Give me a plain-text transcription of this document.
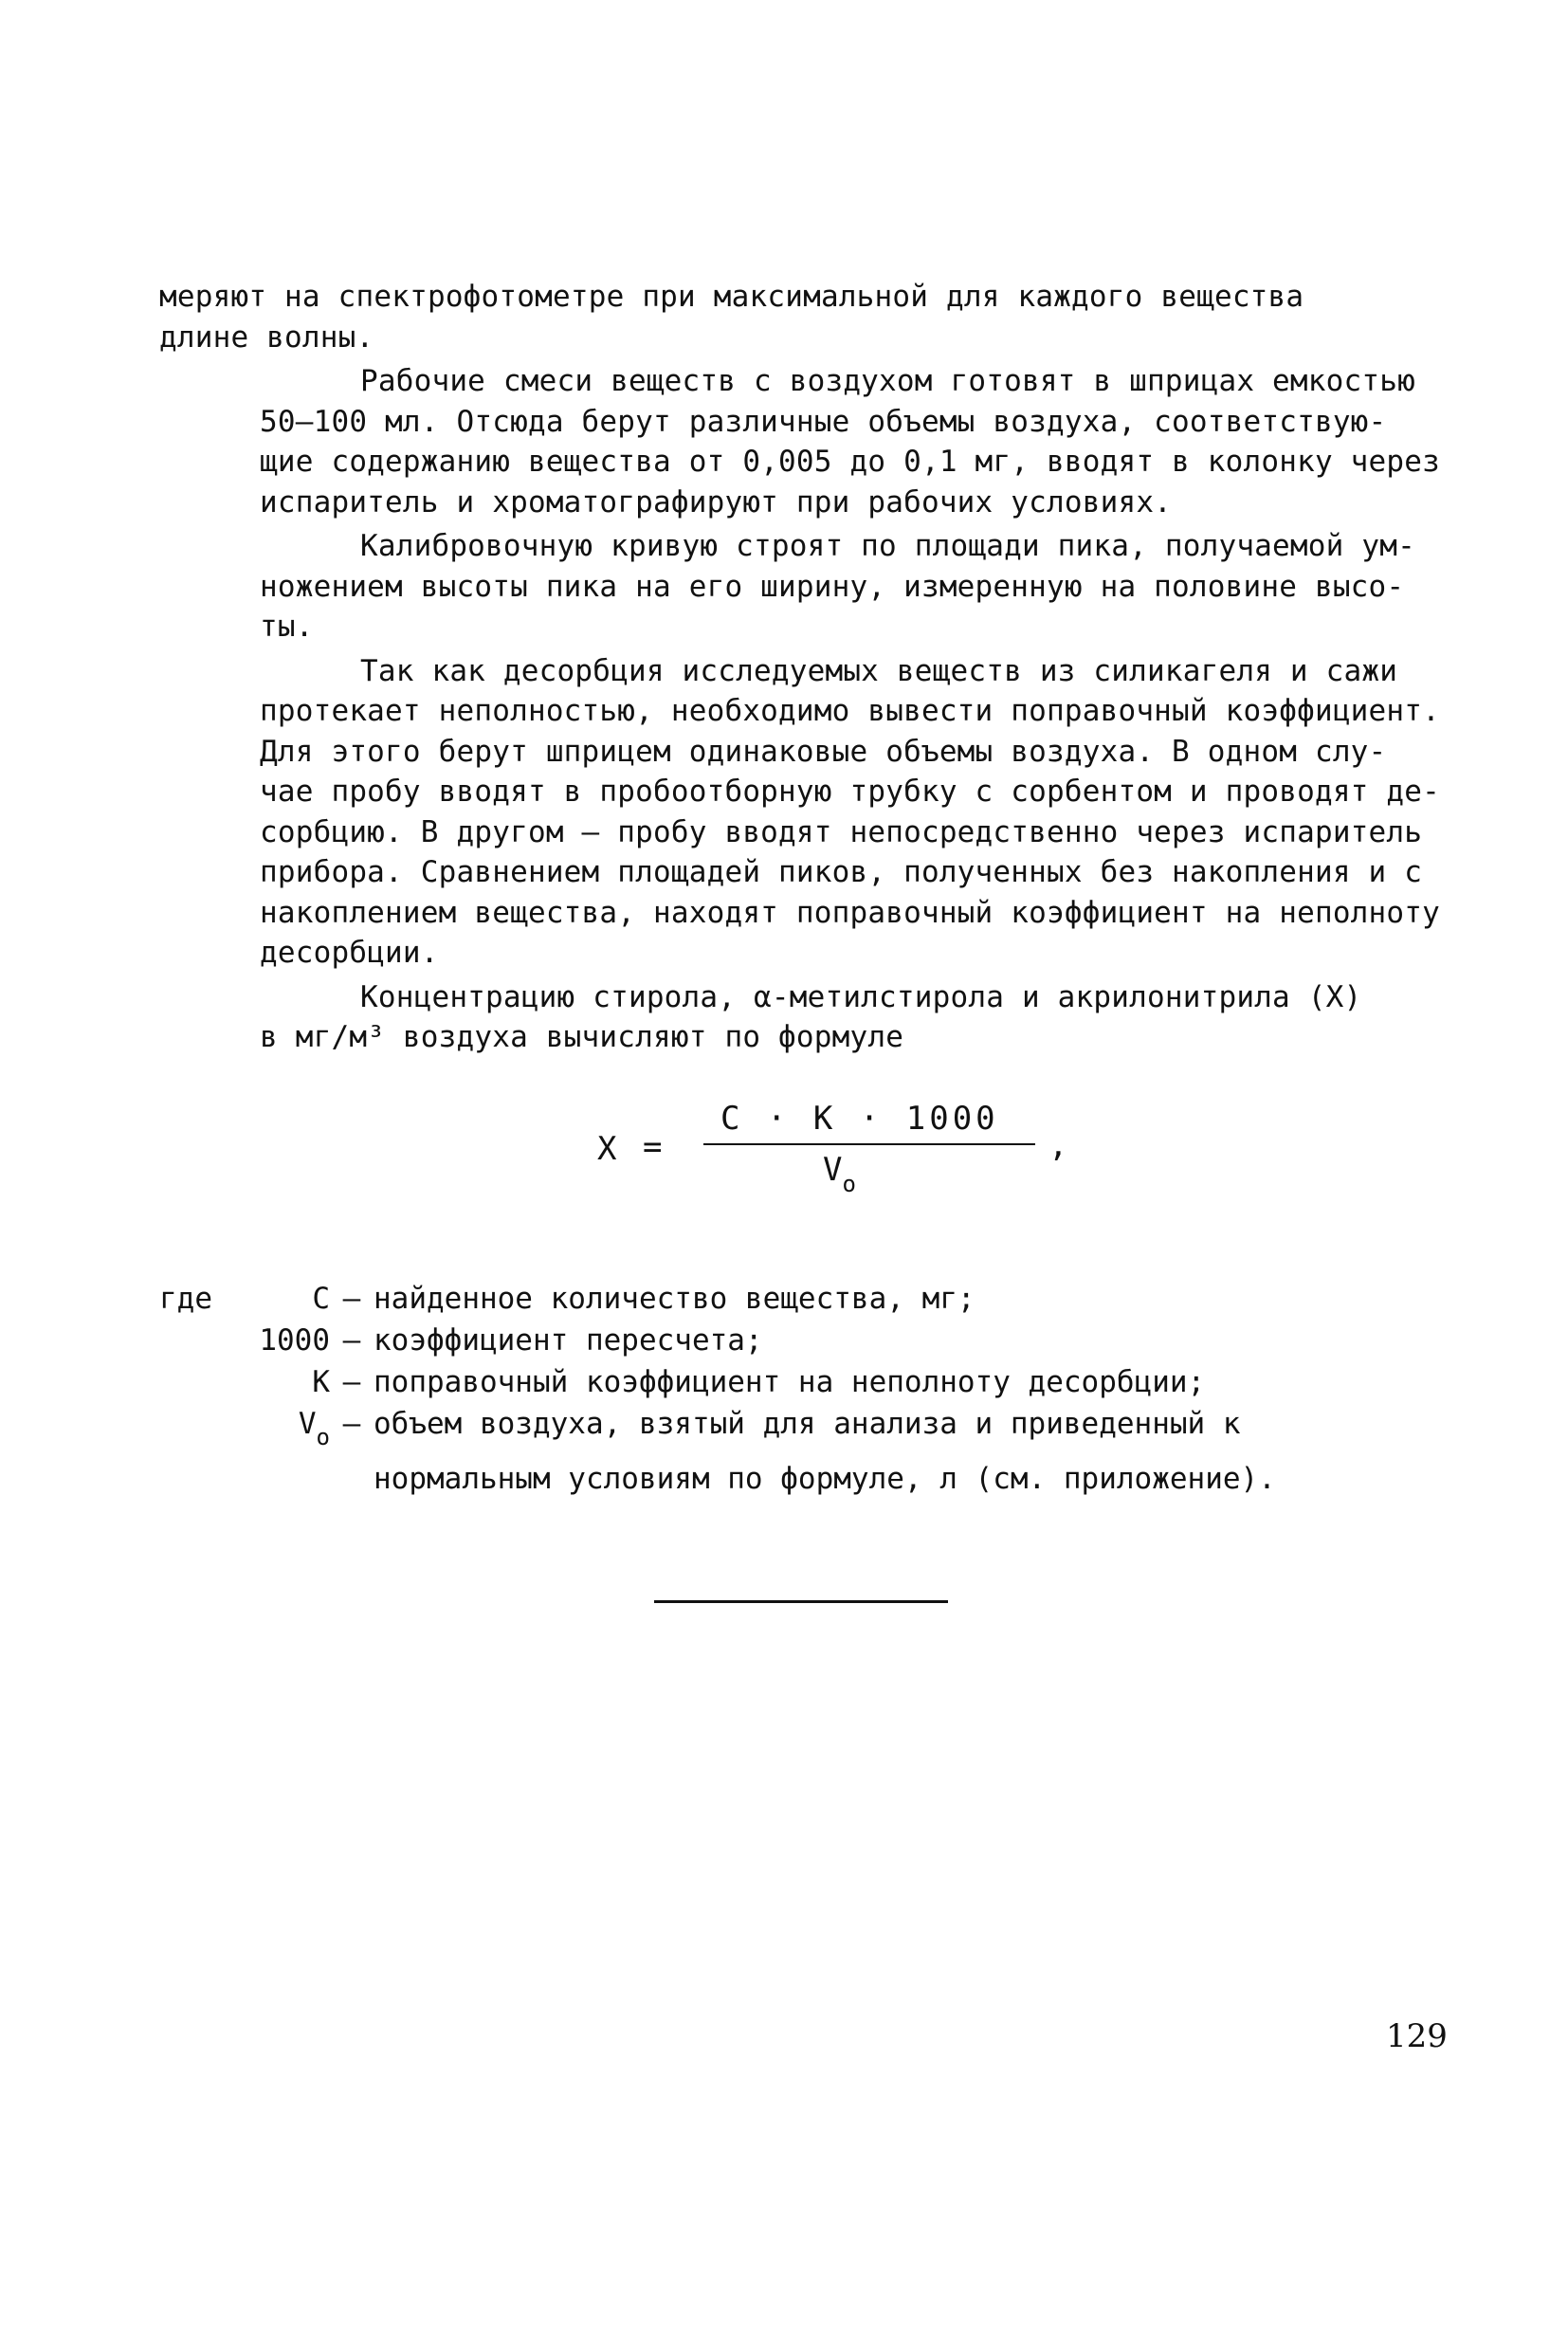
меряют на спектрофотометре при максимальной для каждого вещества
длине волны.
Рабочие смеси веществ с воздухом готовят в шприцах емкостью
50–100 мл. Отсюда берут различные объемы воздуха, соответствую-
щие содержанию вещества от 0,005 до 0,1 мг, вводят в колонку через
испаритель и хроматографируют при рабочих условиях.
Калибровочную кривую строят по площади пика, получаемой ум-
ножением высоты пика на его ширину, измеренную на половине высо-
ты.
Так как десорбция исследуемых веществ из силикагеля и сажи
протекает неполностью, необходимо вывести поправочный коэффициент.
Для этого берут шприцем одинаковые объемы воздуха. В одном слу-
чае пробу вводят в пробоотборную трубку с сорбентом и проводят де-
сорбцию. В другом – пробу вводят непосредственно через испаритель
прибора. Сравнением площадей пиков, полученных без накопления и с
накоплением вещества, находят поправочный коэффициент на неполноту
десорбции.
Концентрацию стирола, α-метилстирола и акрилонитрила (X)
в мг/м³ воздуха вычисляют по формуле
X =
C · K · 1000
$V_o$
,
где	C – найденное количество вещества, мг;
1000 – коэффициент пересчета;
K – поправочный коэффициент на неполноту десорбции;
$V_o$ – объем воздуха, взятый для анализа и приведенный к
нормальным условиям по формуле, л (см. приложение).
129
